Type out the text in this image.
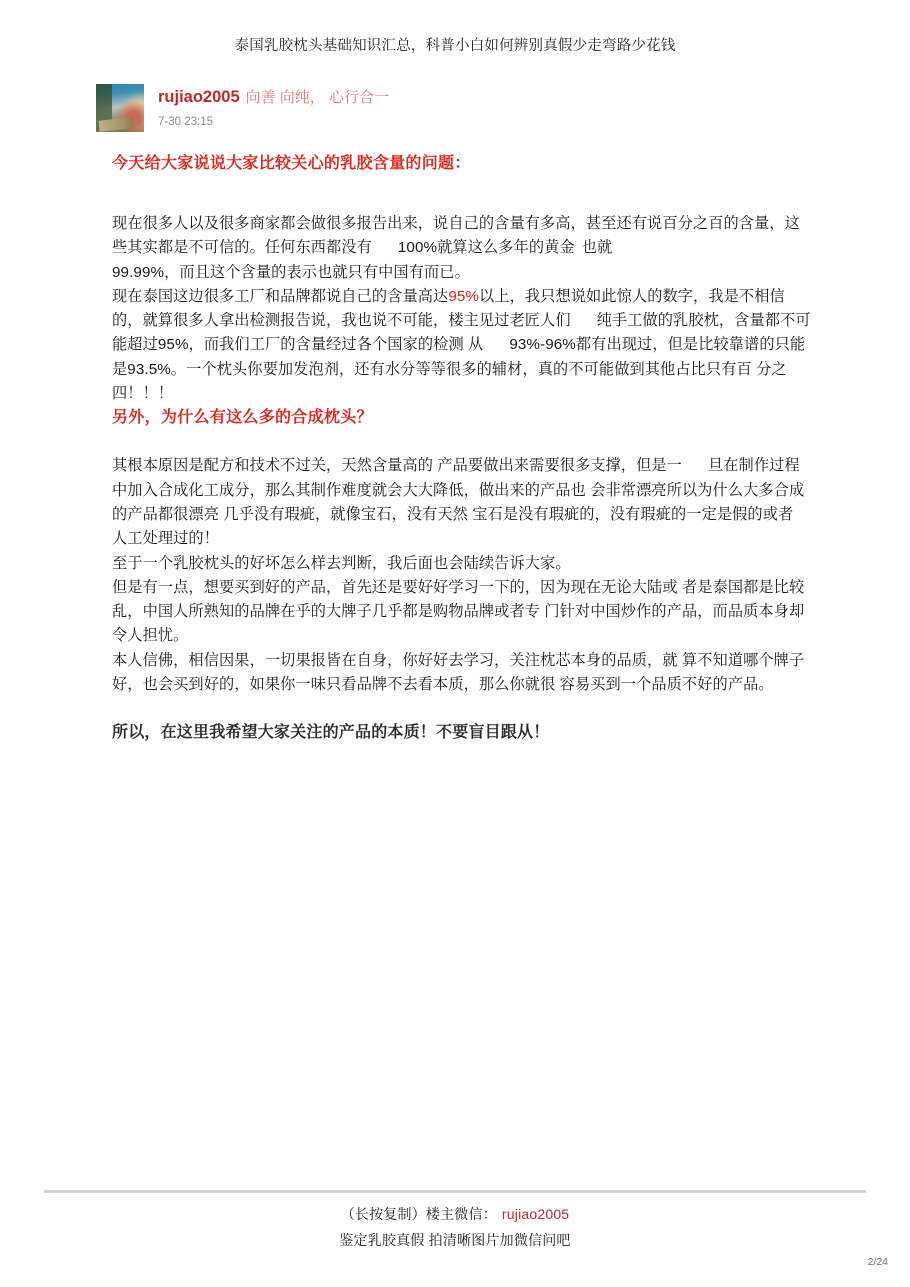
泰国乳胶枕头基础知识汇总，科普小白如何辨别真假少走弯路少花钱
rujiao2005 向善 向纯， 心行合一
7-30 23:15
今天给大家说说大家比较关心的乳胶含量的问题：
现在很多人以及很多商家都会做很多报告出来，说自己的含量有多高，甚至还有说百分之百的含量，这些其实都是不可信的。任何东西都没有 100%就算这么多年的黄金 也就
99.99%，而且这个含量的表示也就只有中国有而已。
现在泰国这边很多工厂和品牌都说自己的含量高达95%以上，我只想说如此惊人的数字，我是不相信的，就算很多人拿出检测报告说，我也说不可能，楼主见过老匠人们 纯手工做的乳胶枕，含量都不可能超过95%，而我们工厂的含量经过各个国家的检测 从 93%-96%都有出现过，但是比较靠谱的只能是93.5%。一个枕头你要加发泡剂，还有水分等等很多的辅材，真的不可能做到其他占比只有百 分之四！！！
另外，为什么有这么多的合成枕头？
其根本原因是配方和技术不过关，天然含量高的 产品要做出来需要很多支撑，但是一 旦在制作过程中加入合成化工成分，那么其制作难度就会大大降低，做出来的产品也 会非常漂亮所以为什么大多合成的产品都很漂亮 几乎没有瑕疵，就像宝石，没有天然 宝石是没有瑕疵的，没有瑕疵的一定是假的或者 人工处理过的！
至于一个乳胶枕头的好坏怎么样去判断，我后面也会陆续告诉大家。
但是有一点，想要买到好的产品，首先还是要好好学习一下的，因为现在无论大陆或 者是泰国都是比较乱，中国人所熟知的品牌在乎的大牌子几乎都是购物品牌或者专 门针对中国炒作的产品，而品质本身却令人担忧。
本人信佛，相信因果，一切果报皆在自身，你好好去学习，关注枕芯本身的品质，就 算不知道哪个牌子好，也会买到好的，如果你一味只看品牌不去看本质，那么你就很 容易买到一个品质不好的产品。
所以，在这里我希望大家关注的产品的本质！不要盲目跟从！
（长按复制）楼主微信： rujiao2005
鉴定乳胶真假 拍清晰图片加微信问吧
2/24
